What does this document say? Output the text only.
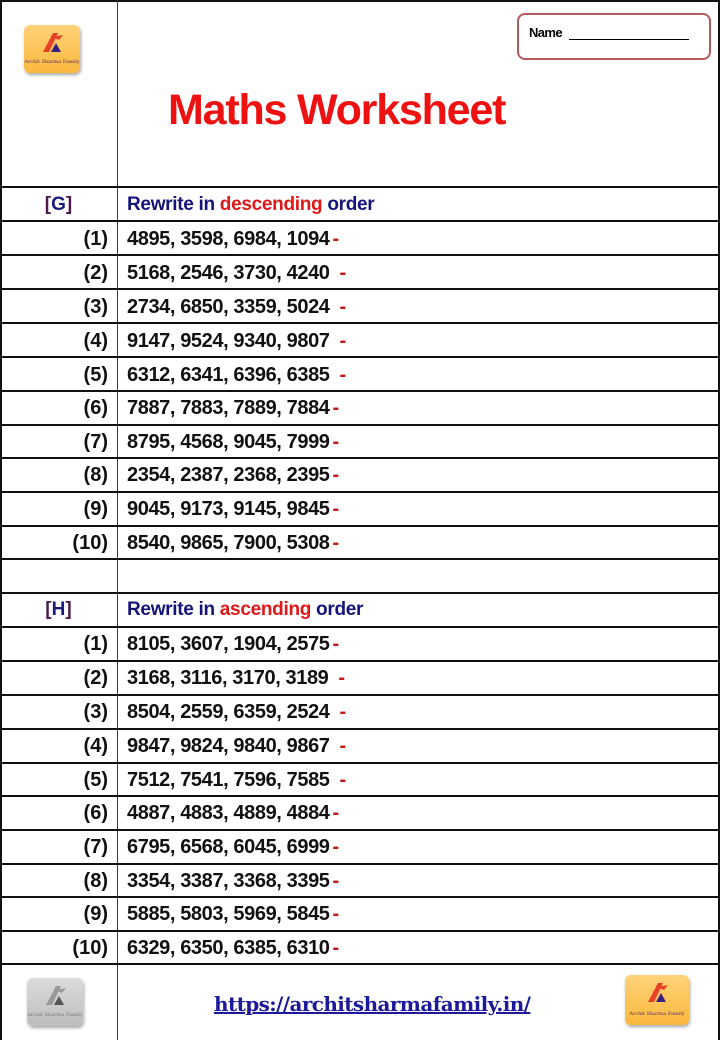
Archit Sharma Family
Name
Maths Worksheet
[G]	Rewrite in descending order
(1) 4895, 3598, 6984, 1094 -
(2) 5168, 2546, 3730, 4240 -
(3) 2734, 6850, 3359, 5024 -
(4) 9147, 9524, 9340, 9807 -
(5) 6312, 6341, 6396, 6385 -
(6) 7887, 7883, 7889, 7884 -
(7) 8795, 4568, 9045, 7999 -
(8) 2354, 2387, 2368, 2395 -
(9) 9045, 9173, 9145, 9845 -
(10) 8540, 9865, 7900, 5308 -
[H]	Rewrite in ascending order
(1) 8105, 3607, 1904, 2575 -
(2) 3168, 3116, 3170, 3189 -
(3) 8504, 2559, 6359, 2524 -
(4) 9847, 9824, 9840, 9867 -
(5) 7512, 7541, 7596, 7585 -
(6) 4887, 4883, 4889, 4884 -
(7) 6795, 6568, 6045, 6999 -
(8) 3354, 3387, 3368, 3395 -
(9) 5885, 5803, 5969, 5845 -
(10) 6329, 6350, 6385, 6310 -
Archit Sharma Family	https://architsharmafamily.in/	Archit Sharma Family
